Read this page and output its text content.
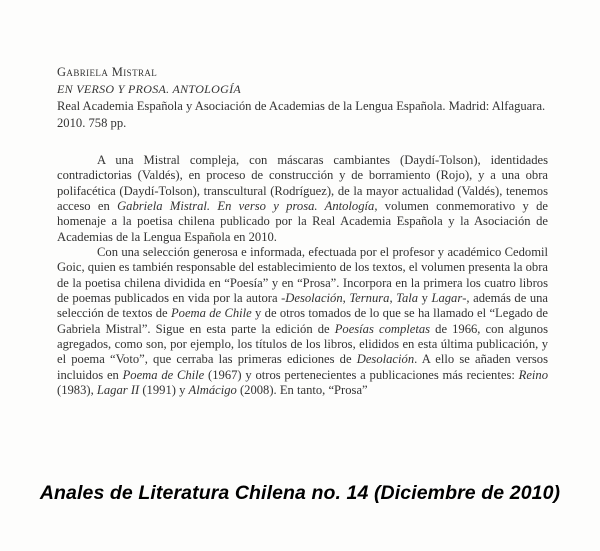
Gabriela Mistral
EN VERSO Y PROSA. ANTOLOGÍA
Real Academia Española y Asociación de Academias de la Lengua Española. Madrid: Alfaguara. 2010. 758 pp.

A una Mistral compleja, con máscaras cambiantes (Daydí-Tolson), identidades contradictorias (Valdés), en proceso de construcción y de borramiento (Rojo), y a una obra polifacética (Daydí-Tolson), transcultural (Rodríguez), de la mayor actualidad (Valdés), tenemos acceso en Gabriela Mistral. En verso y prosa. Antología, volumen conmemorativo y de homenaje a la poetisa chilena publicado por la Real Academia Española y la Asociación de Academias de la Lengua Española en 2010.

Con una selección generosa e informada, efectuada por el profesor y académico Cedomil Goic, quien es también responsable del establecimiento de los textos, el volumen presenta la obra de la poetisa chilena dividida en “Poesía” y en “Prosa”. Incorpora en la primera los cuatro libros de poemas publicados en vida por la autora -Desolación, Ternura, Tala y Lagar-, además de una selección de textos de Poema de Chile y de otros tomados de lo que se ha llamado el “Legado de Gabriela Mistral”. Sigue en esta parte la edición de Poesías completas de 1966, con algunos agregados, como son, por ejemplo, los títulos de los libros, elididos en esta última publicación, y el poema “Voto”, que cerraba las primeras ediciones de Desolación. A ello se añaden versos incluidos en Poema de Chile (1967) y otros pertenecientes a publicaciones más recientes: Reino (1983), Lagar II (1991) y Almácigo (2008). En tanto, “Prosa”

Anales de Literatura Chilena no. 14 (Diciembre de 2010)
